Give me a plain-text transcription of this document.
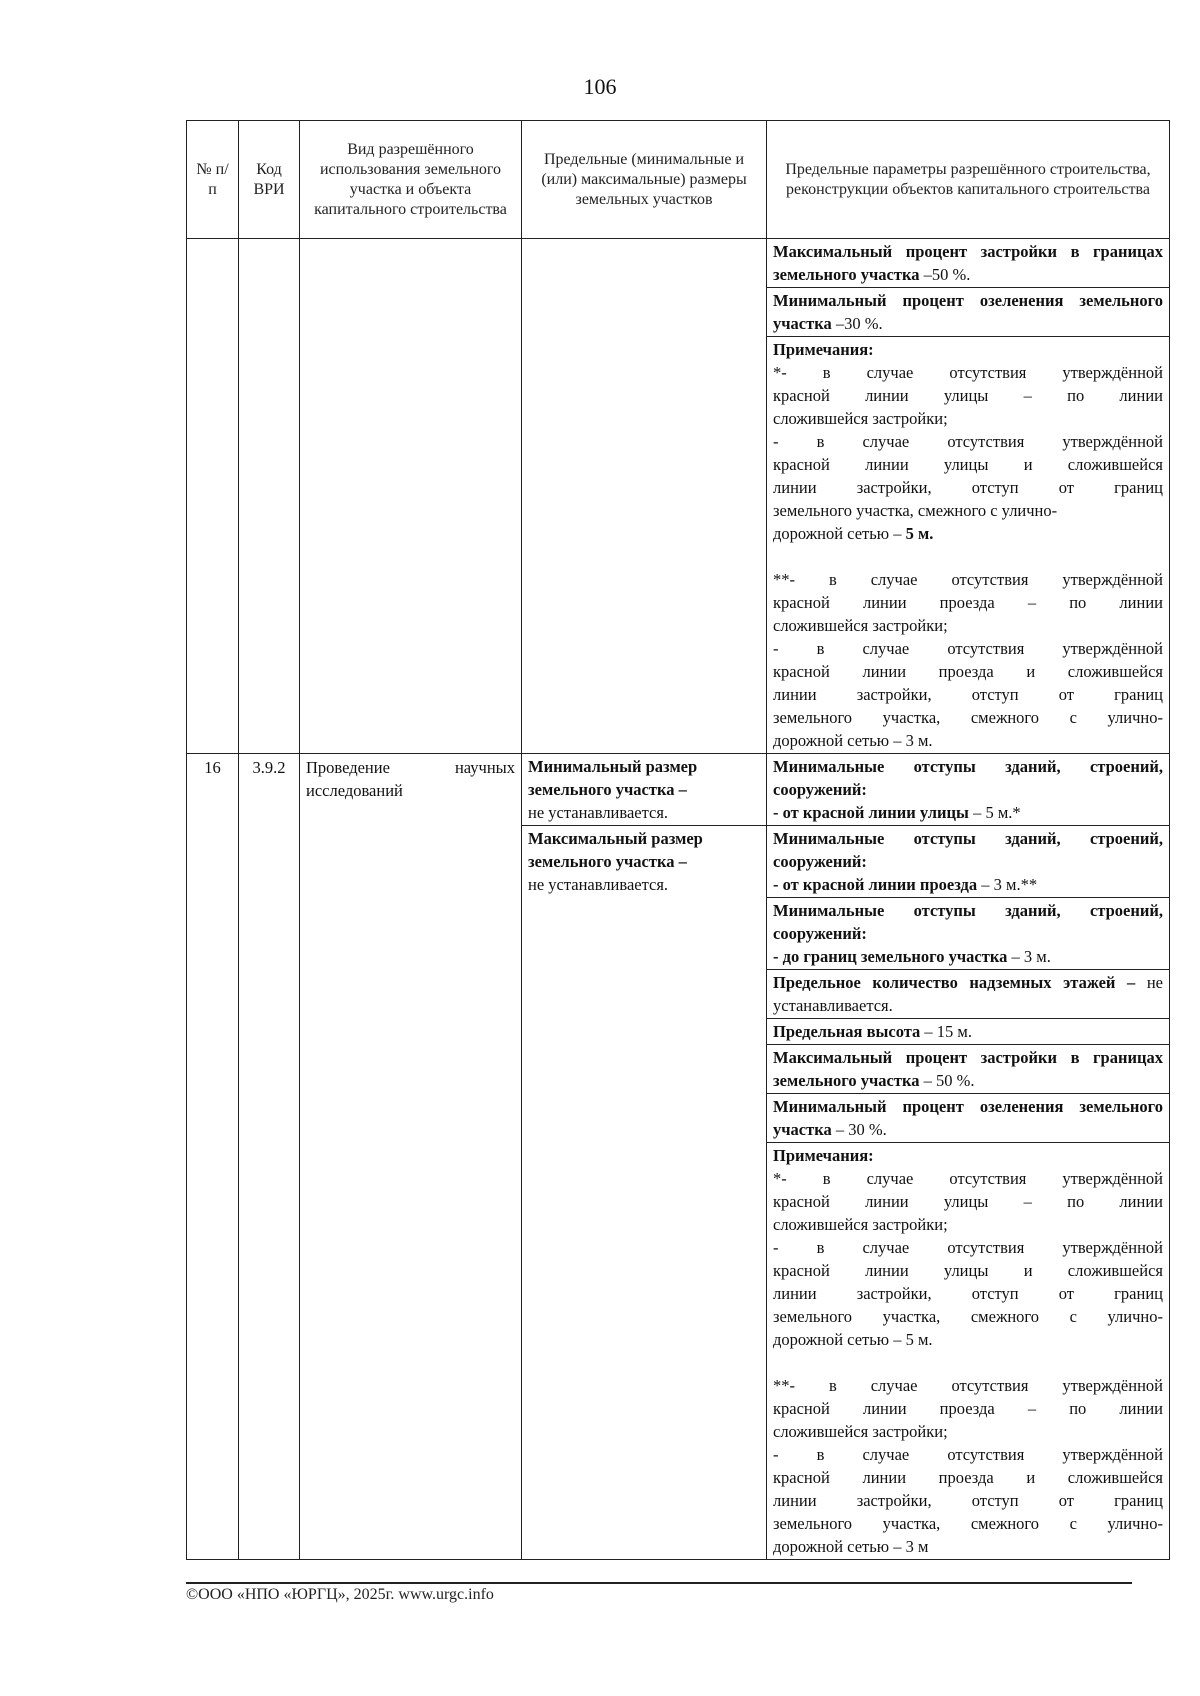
106
№ п/п
Код ВРИ
Вид разрешённого использования земельного участка и объекта капитального строительства
Предельные (минимальные и (или) максимальные) размеры земельных участков
Предельные параметры разрешённого строительства, реконструкции объектов капитального строительства
Максимальный процент застройки в границах земельного участка –50 %.
Минимальный процент озеленения земельного участка –30 %.
Примечания:
*- в случае отсутствия утверждённой
красной линии улицы – по линии
сложившейся застройки;
- в случае отсутствия утверждённой
красной линии улицы и сложившейся
линии застройки, отступ от границ
земельного участка, смежного с улично-
дорожной сетью – 5 м.
**- в случае отсутствия утверждённой
красной линии проезда – по линии
сложившейся застройки;
- в случае отсутствия утверждённой
красной линии проезда и сложившейся
линии застройки, отступ от границ
земельного участка, смежного с улично-
дорожной сетью – 3 м.
16	3.9.2	Проведение научных исследований
Минимальный размер земельного участка –
не устанавливается.
Максимальный размер земельного участка –
не устанавливается.
Минимальные отступы зданий, строений, сооружений:
- от красной линии улицы – 5 м.*
Минимальные отступы зданий, строений, сооружений:
- от красной линии проезда – 3 м.**
Минимальные отступы зданий, строений, сооружений:
- до границ земельного участка – 3 м.
Предельное количество надземных этажей – не устанавливается.
Предельная высота – 15 м.
Максимальный процент застройки в границах земельного участка – 50 %.
Минимальный процент озеленения земельного участка – 30 %.
Примечания:
*- в случае отсутствия утверждённой
красной линии улицы – по линии
сложившейся застройки;
- в случае отсутствия утверждённой
красной линии улицы и сложившейся
линии застройки, отступ от границ
земельного участка, смежного с улично-
дорожной сетью – 5 м.
**- в случае отсутствия утверждённой
красной линии проезда – по линии
сложившейся застройки;
- в случае отсутствия утверждённой
красной линии проезда и сложившейся
линии застройки, отступ от границ
земельного участка, смежного с улично-
дорожной сетью – 3 м
©ООО «НПО «ЮРГЦ», 2025г. www.urgc.info
